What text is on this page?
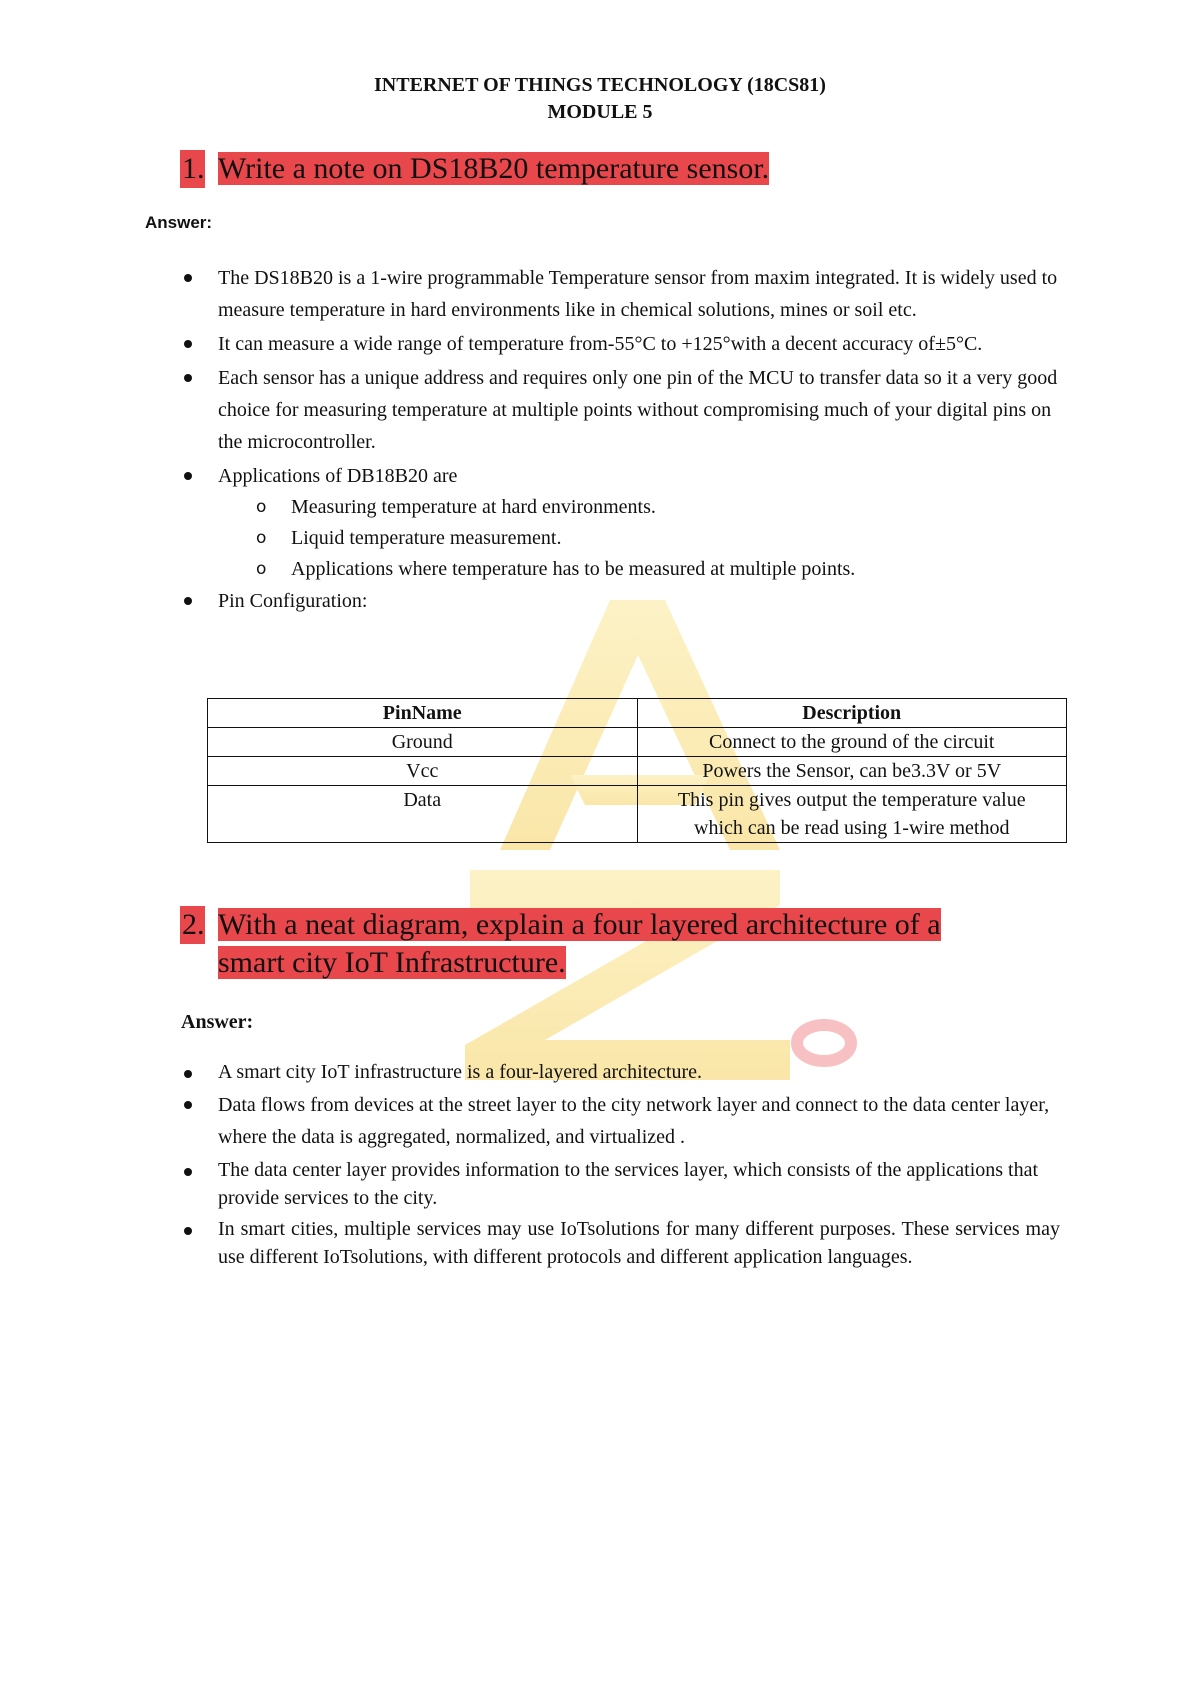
INTERNET OF THINGS TECHNOLOGY (18CS81)
MODULE 5
1. Write a note on DS18B20 temperature sensor.
Answer:
The DS18B20 is a 1-wire programmable Temperature sensor from maxim integrated. It is widely used to measure temperature in hard environments like in chemical solutions, mines or soil etc.
It can measure a wide range of temperature from-55°C to +125°with a decent accuracy of±5°C.
Each sensor has a unique address and requires only one pin of the MCU to transfer data so it a very good choice for measuring temperature at multiple points without compromising much of your digital pins on the microcontroller.
Applications of DB18B20 are
o Measuring temperature at hard environments.
o Liquid temperature measurement.
o Applications where temperature has to be measured at multiple points.
Pin Configuration:
PinName	Description
Ground	Connect to the ground of the circuit
Vcc	Powers the Sensor, can be3.3V or 5V
Data	This pin gives output the temperature value which can be read using 1-wire method
2. With a neat diagram, explain a four layered architecture of a
smart city IoT Infrastructure.
Answer:
A smart city IoT infrastructure is a four-layered architecture.
Data flows from devices at the street layer to the city network layer and connect to the data center layer, where the data is aggregated, normalized, and virtualized .
The data center layer provides information to the services layer, which consists of the applications that provide services to the city.
In smart cities, multiple services may use IoTsolutions for many different purposes. These services may use different IoTsolutions, with different protocols and different application languages.
